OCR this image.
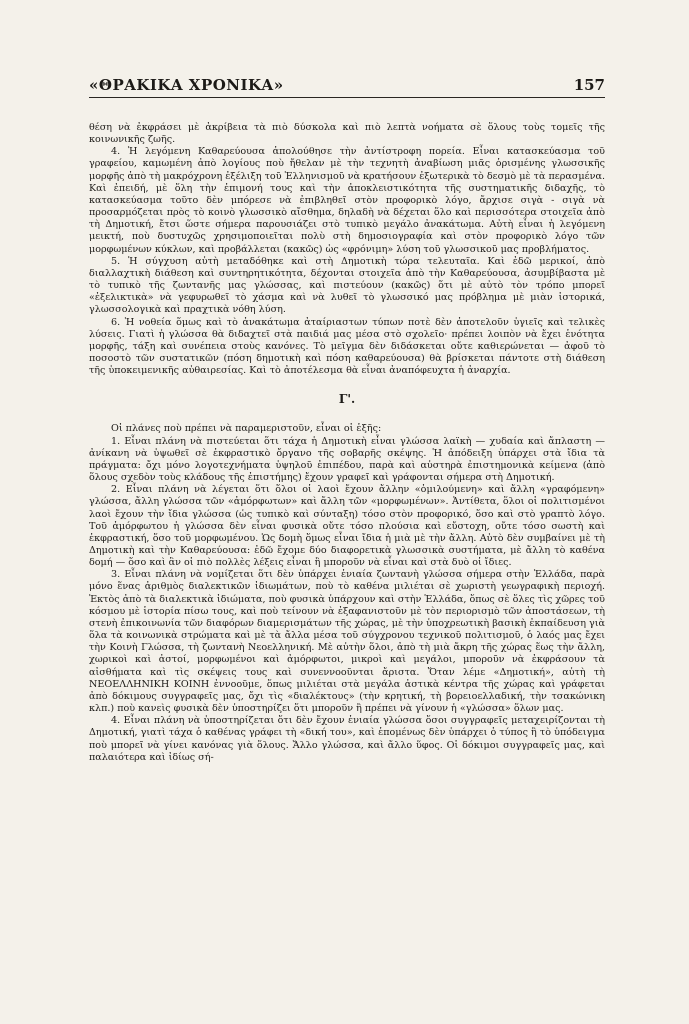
«ΘΡΑΚΙΚΑ ΧΡΟΝΙΚΑ»	157

θέση νὰ ἐκφράσει μὲ ἀκρίβεια τὰ πιὸ δύσκολα καὶ πιὸ λεπτὰ νοήματα σὲ ὅλους τοὺς τομεῖς τῆς κοινωνικῆς ζωῆς.

4. Ἡ λεγόμενη Καθαρεύουσα ἀπολούθησε τὴν ἀντίστροφη πορεία. Εἶναι κατασκεύασμα τοῦ γραφείου, καμωμένη ἀπὸ λογίους ποὺ ἤθελαν μὲ τὴν τεχνητὴ ἀναβίωση μιᾶς ὁρισμένης γλωσσικῆς μορφῆς ἀπὸ τὴ μακρόχρονη ἐξέλιξη τοῦ Ἑλληνισμοῦ νὰ κρατήσουν ἐξωτερικὰ τὸ δεσμὸ μὲ τὰ περασμένα. Καὶ ἐπειδή, μὲ ὅλη τὴν ἐπιμονή τους καὶ τὴν ἀποκλειστικότητα τῆς συστηματικῆς διδαχῆς, τὸ κατασκεύασμα τοῦτο δὲν μπόρεσε νὰ ἐπιβληθεῖ στὸν προφορικὸ λόγο, ἄρχισε σιγὰ - σιγὰ νὰ προσαρμόζεται πρὸς τὸ κοινὸ γλωσσικὸ αἴσθημα, δηλαδὴ νὰ δέχεται ὅλο καὶ περισσότερα στοιχεῖα ἀπὸ τὴ Δημοτική, ἔτσι ὥστε σήμερα παρουσιάζει στὸ τυπικὸ μεγάλο ἀνακάτωμα. Αὐτὴ εἶναι ἡ λεγόμενη μεικτή, ποὺ δυστυχῶς χρησιμοποιεῖται πολὺ στὴ δημοσιογραφία καὶ στὸν προφορικὸ λόγο τῶν μορφωμένων κύκλων, καὶ προβάλλεται (κακῶς) ὡς «φρόνιμη» λύση τοῦ γλωσσικοῦ μας προβλήματος.

5. Ἡ σύγχυση αὐτὴ μεταδόθηκε καὶ στὴ Δημοτικὴ τώρα τελευταῖα. Καὶ ἐδῶ μερικοί, ἀπὸ διαλλαχτικὴ διάθεση καὶ συντηρητικότητα, δέχονται στοιχεῖα ἀπὸ τὴν Καθαρεύουσα, ἀσυμβίβαστα μὲ τὸ τυπικὸ τῆς ζωντανῆς μας γλώσσας, καὶ πιστεύουν (κακῶς) ὅτι μὲ αὐτὸ τὸν τρόπο μπορεῖ «ἐξελικτικὰ» νὰ γεφυρωθεῖ τὸ χάσμα καὶ νὰ λυθεῖ τὸ γλωσσικό μας πρόβλημα μὲ μιὰν ἱστορικά, γλωσσολογικὰ καὶ πραχτικὰ νόθη λύση.

6. Ἡ νοθεία ὅμως καὶ τὸ ἀνακάτωμα ἀταίριαστων τύπων ποτὲ δὲν ἀποτελοῦν ὑγιεῖς καὶ τελικὲς λύσεις. Γιατὶ ἡ γλώσσα θὰ διδαχτεῖ στὰ παιδιά μας μέσα στὸ σχολεῖο· πρέπει λοιπὸν νὰ ἔχει ἑνότητα μορφῆς, τάξη καὶ συνέπεια στοὺς κανόνες. Τὸ μεῖγμα δὲν διδάσκεται οὔτε καθιερώνεται — ἀφοῦ τὸ ποσοστὸ τῶν συστατικῶν (πόση δημοτικὴ καὶ πόση καθαρεύουσα) θὰ βρίσκεται πάντοτε στὴ διάθεση τῆς ὑποκειμενικῆς αὐθαιρεσίας. Καὶ τὸ ἀποτέλεσμα θὰ εἶναι ἀναπόφευχτα ἡ ἀναρχία.

Γ'.

Οἱ πλάνες ποὺ πρέπει νὰ παραμεριστοῦν, εἶναι οἱ ἑξῆς:

1. Εἶναι πλάνη νὰ πιστεύεται ὅτι τάχα ἡ Δημοτικὴ εἶναι γλώσσα λαϊκὴ — χυδαία καὶ ἄπλαστη — ἀνίκανη νὰ ὑψωθεῖ σὲ ἐκφραστικὸ ὄργανο τῆς σοβαρῆς σκέψης. Ἡ ἀπόδειξη ὑπάρχει στὰ ἴδια τὰ πράγματα: ὄχι μόνο λογοτεχνήματα ὑψηλοῦ ἐπιπέδου, παρὰ καὶ αὐστηρὰ ἐπιστημονικὰ κείμενα (ἀπὸ ὅλους σχεδὸν τοὺς κλάδους τῆς ἐπιστήμης) ἔχουν γραφεῖ καὶ γράφονται σήμερα στὴ Δημοτική.

2. Εἶναι πλάνη νὰ λέγεται ὅτι ὅλοι οἱ λαοὶ ἔχουν ἄλλην «ὁμιλούμενη» καὶ ἄλλη «γραφόμενη» γλώσσα, ἄλλη γλώσσα τῶν «ἀμόρφωτων» καὶ ἄλλη τῶν «μορφωμένων». Ἀντίθετα, ὅλοι οἱ πολιτισμένοι λαοὶ ἔχουν τὴν ἴδια γλώσσα (ὡς τυπικὸ καὶ σύνταξη) τόσο στὸν προφορικό, ὅσο καὶ στὸ γραπτὸ λόγο. Τοῦ ἀμόρφωτου ἡ γλώσσα δὲν εἶναι φυσικὰ οὔτε τόσο πλούσια καὶ εὔστοχη, οὔτε τόσο σωστὴ καὶ ἐκφραστική, ὅσο τοῦ μορφωμένου. Ὡς δομὴ ὅμως εἶναι ἴδια ἡ μιὰ μὲ τὴν ἄλλη. Αὐτὸ δὲν συμβαίνει μὲ τὴ Δημοτικὴ καὶ τὴν Καθαρεύουσα: ἐδῶ ἔχομε δύο διαφορετικὰ γλωσσικὰ συστήματα, μὲ ἄλλη τὸ καθένα δομή — ὅσο καὶ ἂν οἱ πιὸ πολλὲς λέξεις εἶναι ἢ μποροῦν νὰ εἶναι καὶ στὰ δυὸ οἱ ἴδιες.

3. Εἶναι πλάνη νὰ νομίζεται ὅτι δὲν ὑπάρχει ἑνιαία ζωντανὴ γλώσσα σήμερα στὴν Ἑλλάδα, παρὰ μόνο ἕνας ἀριθμὸς διαλεκτικῶν ἰδιωμάτων, ποὺ τὸ καθένα μιλιέται σὲ χωριστὴ γεωγραφικὴ περιοχή. Ἐκτὸς ἀπὸ τὰ διαλεκτικὰ ἰδιώματα, ποὺ φυσικὰ ὑπάρχουν καὶ στὴν Ἑλλάδα, ὅπως σὲ ὅλες τὶς χῶρες τοῦ κόσμου μὲ ἱστορία πίσω τους, καὶ ποὺ τείνουν νὰ ἐξαφανιστοῦν μὲ τὸν περιορισμὸ τῶν ἀποστάσεων, τὴ στενὴ ἐπικοινωνία τῶν διαφόρων διαμερισμάτων τῆς χώρας, μὲ τὴν ὑποχρεωτικὴ βασικὴ ἐκπαίδευση γιὰ ὅλα τὰ κοινωνικὰ στρώματα καὶ μὲ τὰ ἄλλα μέσα τοῦ σύγχρονου τεχνικοῦ πολιτισμοῦ, ὁ λαός μας ἔχει τὴν Κοινὴ Γλώσσα, τὴ ζωντανὴ Νεοελληνική. Μὲ αὐτὴν ὅλοι, ἀπὸ τὴ μιὰ ἄκρη τῆς χώρας ἕως τὴν ἄλλη, χωρικοὶ καὶ ἀστοί, μορφωμένοι καὶ ἀμόρφωτοι, μικροὶ καὶ μεγάλοι, μποροῦν νὰ ἐκφράσουν τὰ αἰσθήματα καὶ τὶς σκέψεις τους καὶ συνεννοοῦνται ἄριστα. Ὅταν λέμε «Δημοτική», αὐτὴ τὴ ΝΕΟΕΛΛΗΝΙΚΗ ΚΟΙΝΗ ἐννοοῦμε, ὅπως μιλιέται στὰ μεγάλα ἀστικὰ κέντρα τῆς χώρας καὶ γράφεται ἀπὸ δόκιμους συγγραφεῖς μας, ὄχι τὶς «διαλέκτους» (τὴν κρητική, τὴ βορειοελλαδική, τὴν τσακώνικη κλπ.) ποὺ κανεὶς φυσικὰ δὲν ὑποστηρίζει ὅτι μποροῦν ἢ πρέπει νὰ γίνουν ἡ «γλώσσα» ὅλων μας.

4. Εἶναι πλάνη νὰ ὑποστηρίζεται ὅτι δὲν ἔχουν ἑνιαία γλώσσα ὅσοι συγγραφεῖς μεταχειρίζονται τὴ Δημοτική, γιατὶ τάχα ὁ καθένας γράφει τὴ «δική του», καὶ ἑπομένως δὲν ὑπάρχει ὁ τύπος ἢ τὸ ὑπόδειγμα ποὺ μπορεῖ νὰ γίνει κανόνας γιὰ ὅλους. Ἄλλο γλώσσα, καὶ ἄλλο ὕφος. Οἱ δόκιμοι συγγραφεῖς μας, καὶ παλαιότερα καὶ ἰδίως σή-
